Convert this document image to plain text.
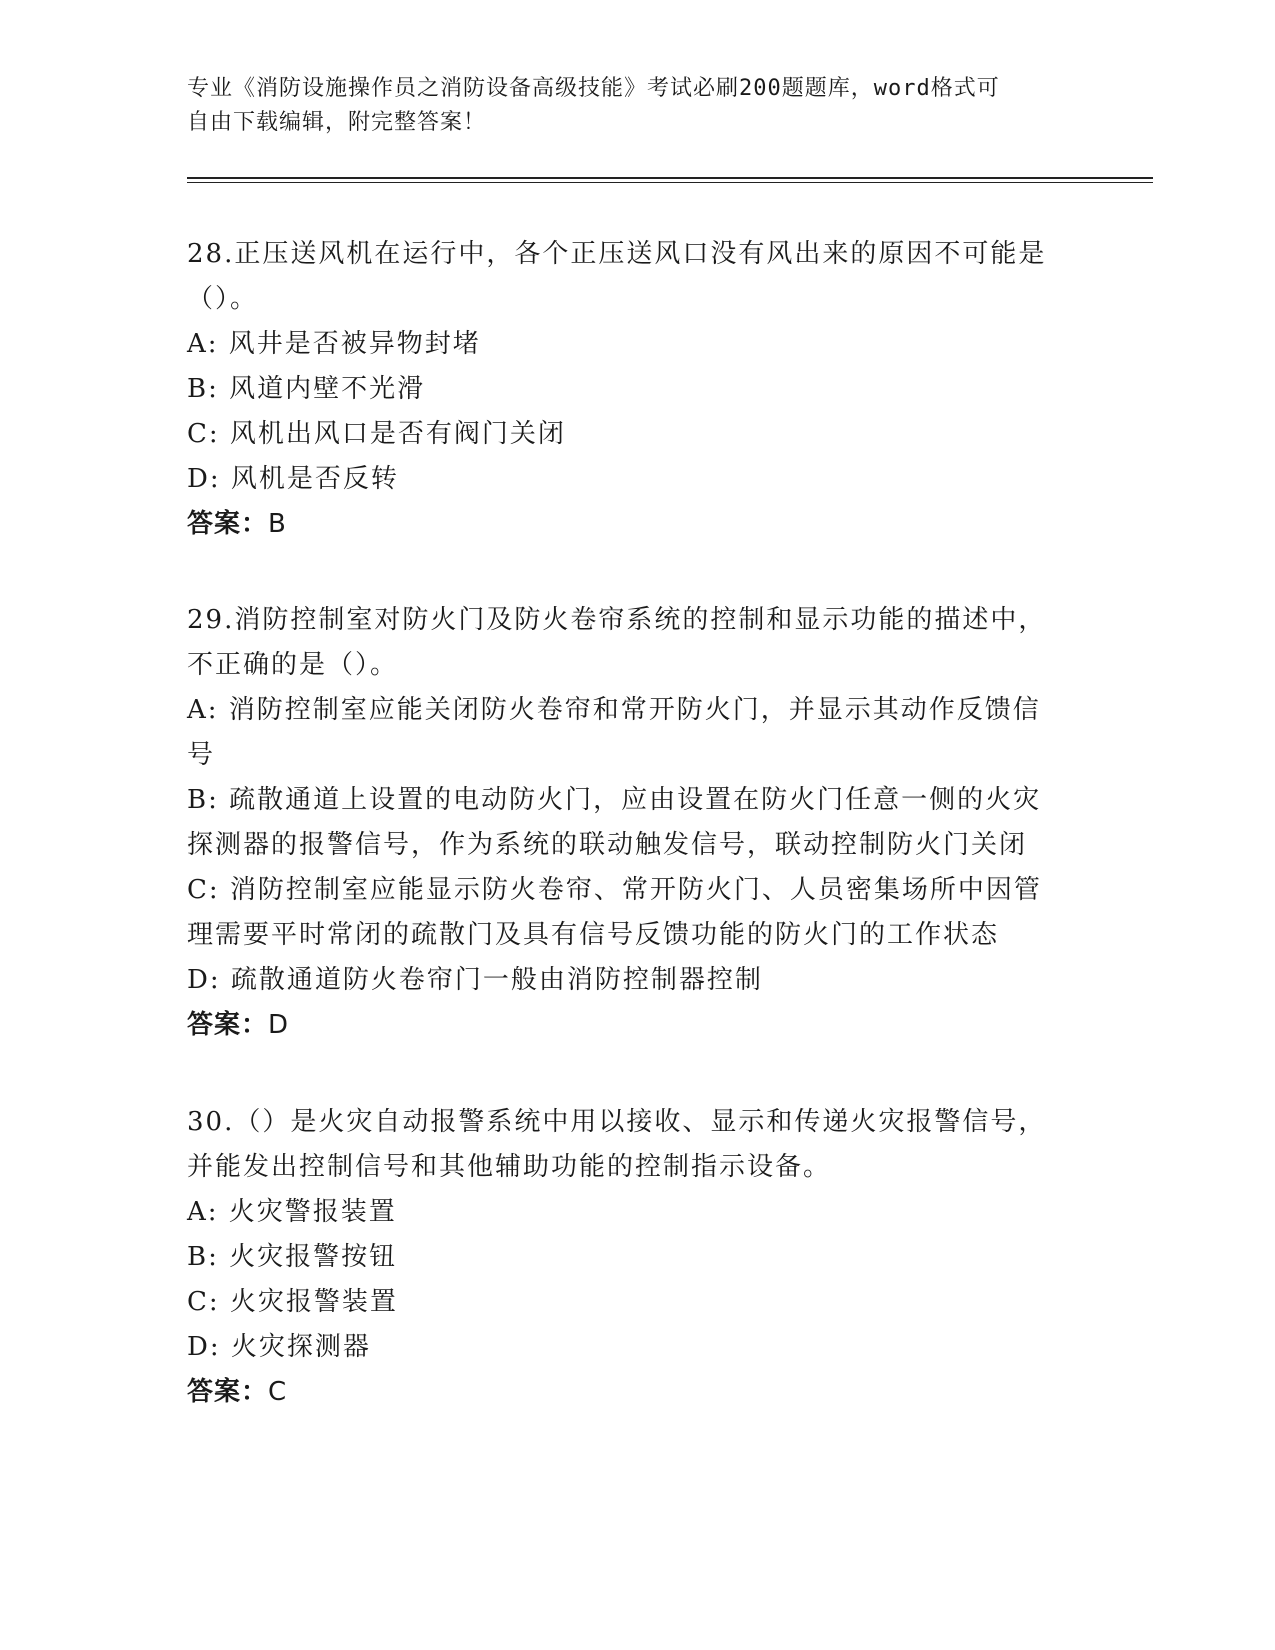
专业《消防设施操作员之消防设备高级技能》考试必刷200题题库，word格式可
自由下载编辑，附完整答案！
28.正压送风机在运行中，各个正压送风口没有风出来的原因不可能是
（）。
A: 风井是否被异物封堵
B: 风道内壁不光滑
C: 风机出风口是否有阀门关闭
D: 风机是否反转
答案：B
29.消防控制室对防火门及防火卷帘系统的控制和显示功能的描述中，
不正确的是（）。
A: 消防控制室应能关闭防火卷帘和常开防火门，并显示其动作反馈信
号
B: 疏散通道上设置的电动防火门，应由设置在防火门任意一侧的火灾
探测器的报警信号，作为系统的联动触发信号，联动控制防火门关闭
C: 消防控制室应能显示防火卷帘、常开防火门、人员密集场所中因管
理需要平时常闭的疏散门及具有信号反馈功能的防火门的工作状态
D: 疏散通道防火卷帘门一般由消防控制器控制
答案：D
30.（）是火灾自动报警系统中用以接收、显示和传递火灾报警信号，
并能发出控制信号和其他辅助功能的控制指示设备。
A: 火灾警报装置
B: 火灾报警按钮
C: 火灾报警装置
D: 火灾探测器
答案：C
